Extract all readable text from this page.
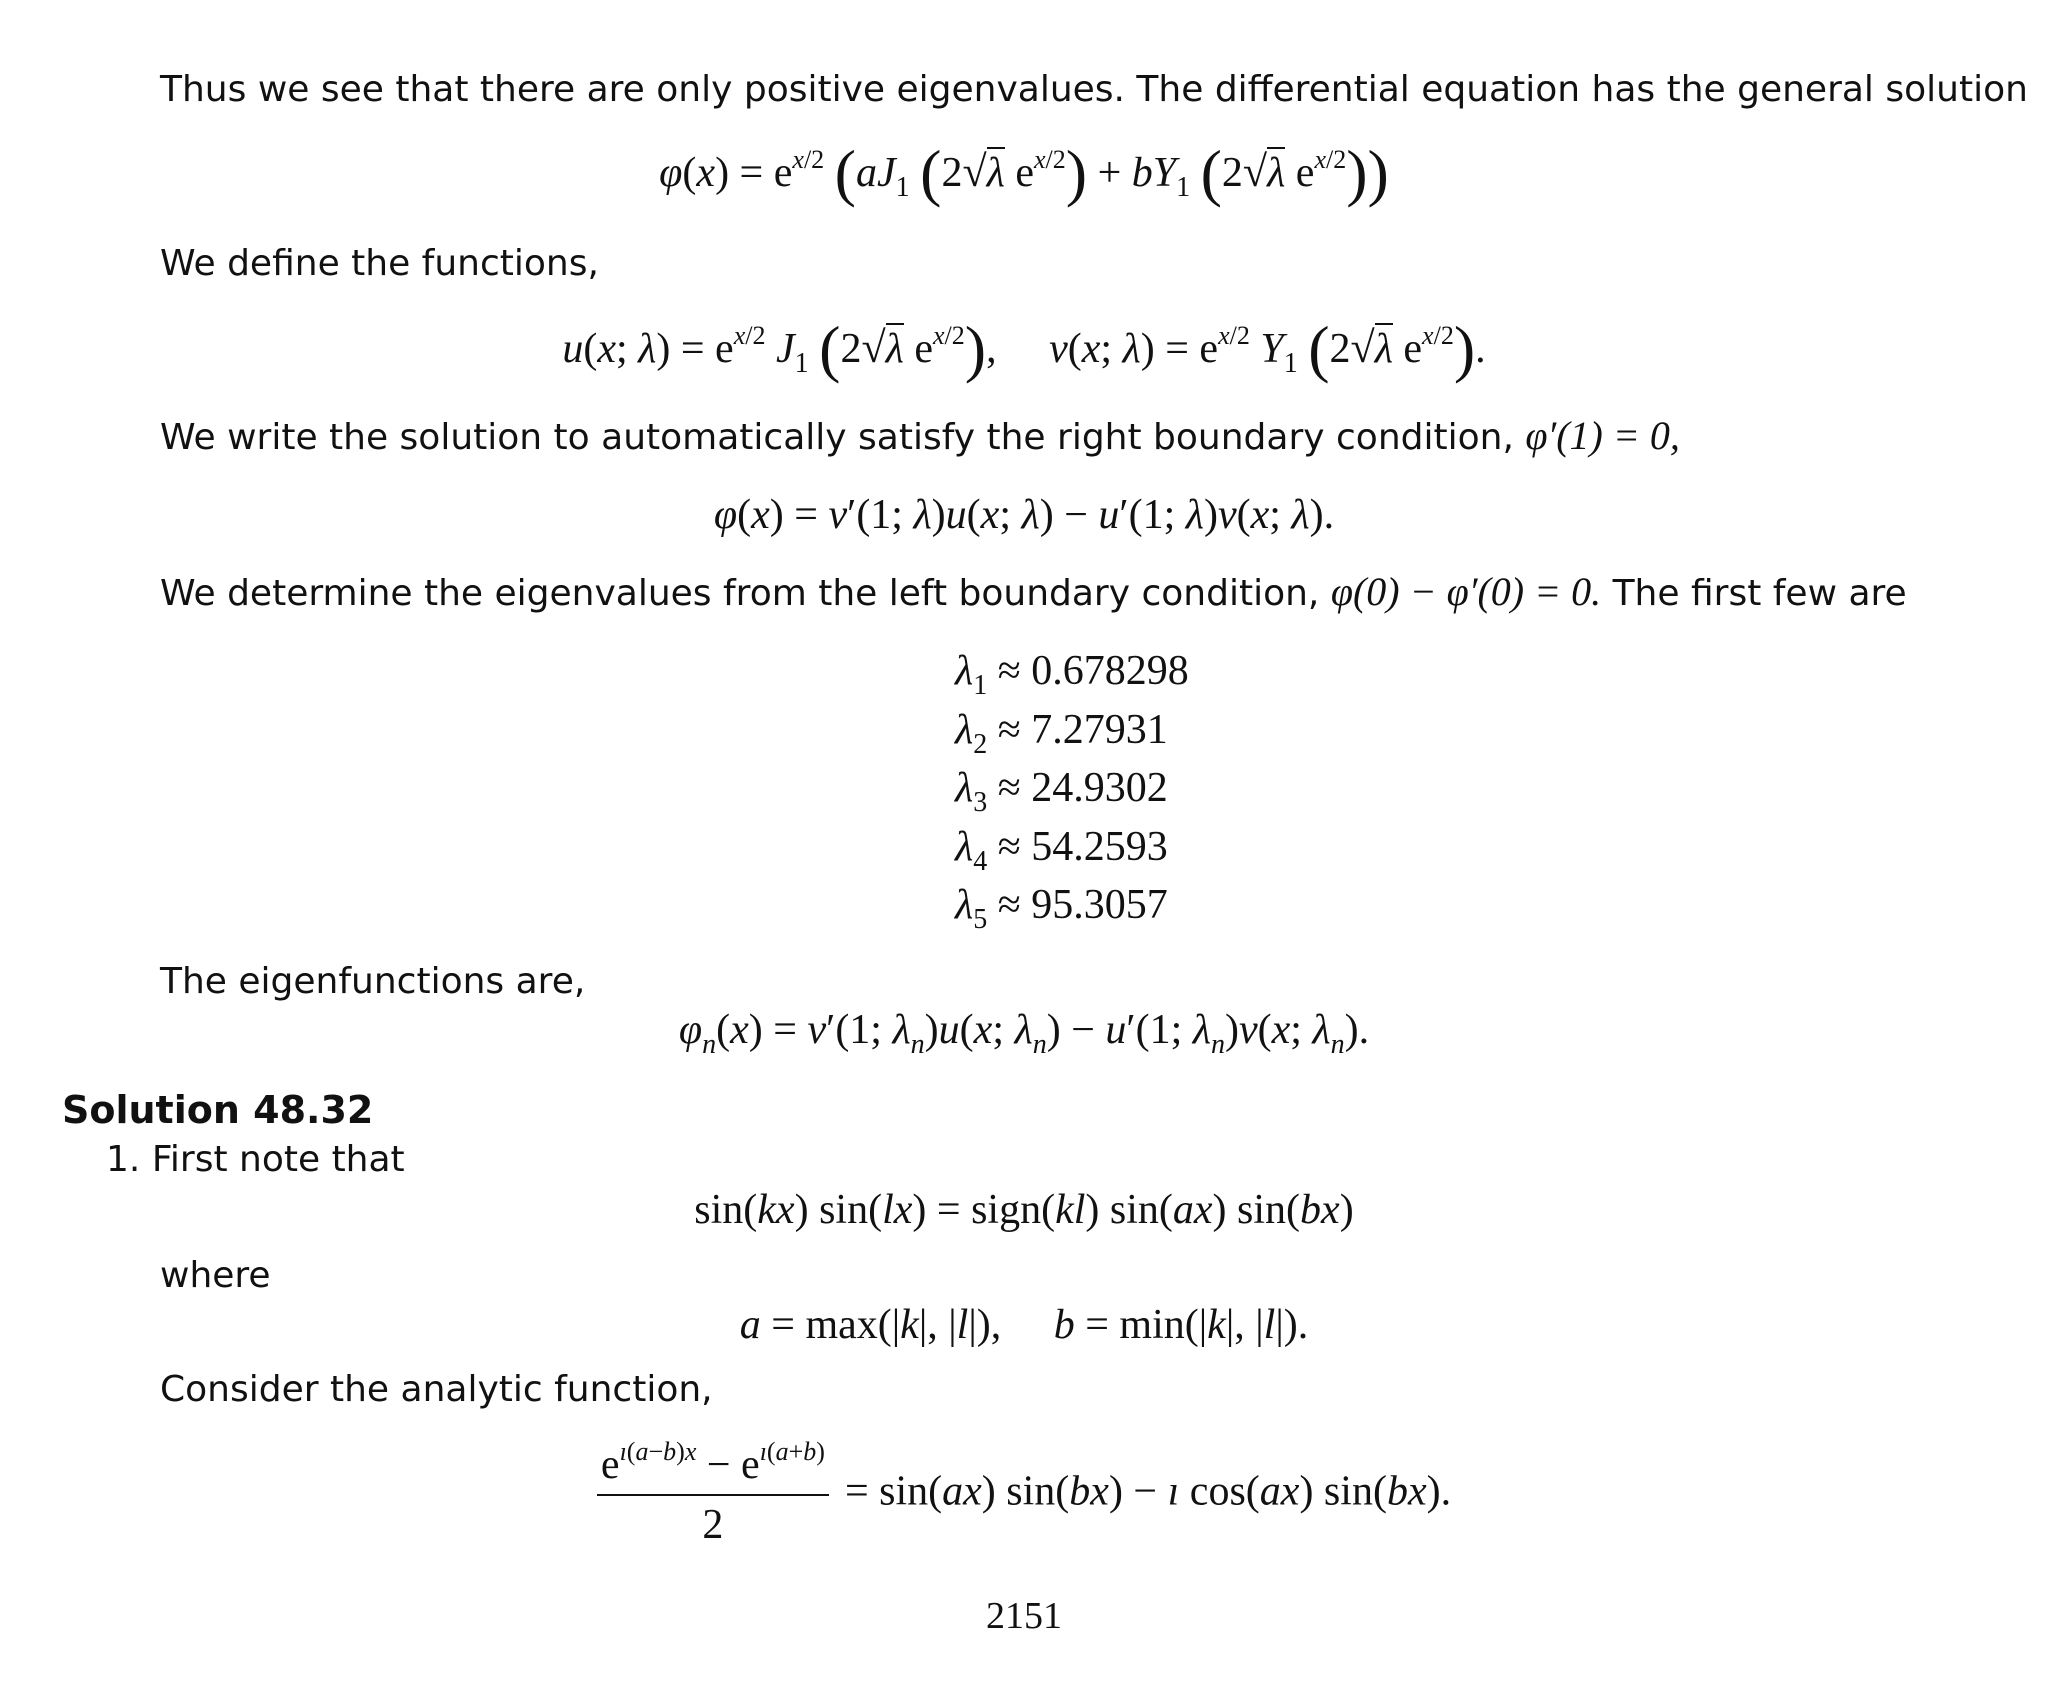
Thus we see that there are only positive eigenvalues. The differential equation has the general solution
$\varphi(x) = e^{x/2}$ ($aJ_1$ (2√λ $e^{x/2}) + bY_1$ (2√λ $e^{x/2}$))
We define the functions,
u(x; $\lambda) = e^{x/2}$ $J_1$ (2√λ $e^{x/2}$),     v(x; $\lambda) = e^{x/2}$ $Y_1$ (2√λ $e^{x/2}$).
We write the solution to automatically satisfy the right boundary condition, φ′(1) = 0,
φ(x) = v′(1; λ)u(x; λ) − u′(1; λ)v(x; λ).
We determine the eigenvalues from the left boundary condition, φ(0) − φ′(0) = 0. The first few are
$\lambda_1 \approx 0.678298$
$\lambda_2 \approx 7.27931$
$\lambda_3 \approx 24.9302$
$\lambda_4 \approx 54.2593$
$\lambda_5 \approx 95.3057$
The eigenfunctions are,
$\varphi_n(x) = v'(1$; $\lambda_n)u(x$; $\lambda_n) - u'(1$; $\lambda_n)v(x$; $\lambda_n$).
Solution 48.32
1. First note that
sin(kx) sin(lx) = sign(kl) sin(ax) sin(bx)
where
a = max(|k|, |l|),     b = min(|k|, |l|).
Consider the analytic function,
$\frac{e^{ı(a-b)x} - e^{ı(a+b)}}{2} = \sin(ax) \sin(bx)$ − ı cos(ax) sin(bx).
2151
